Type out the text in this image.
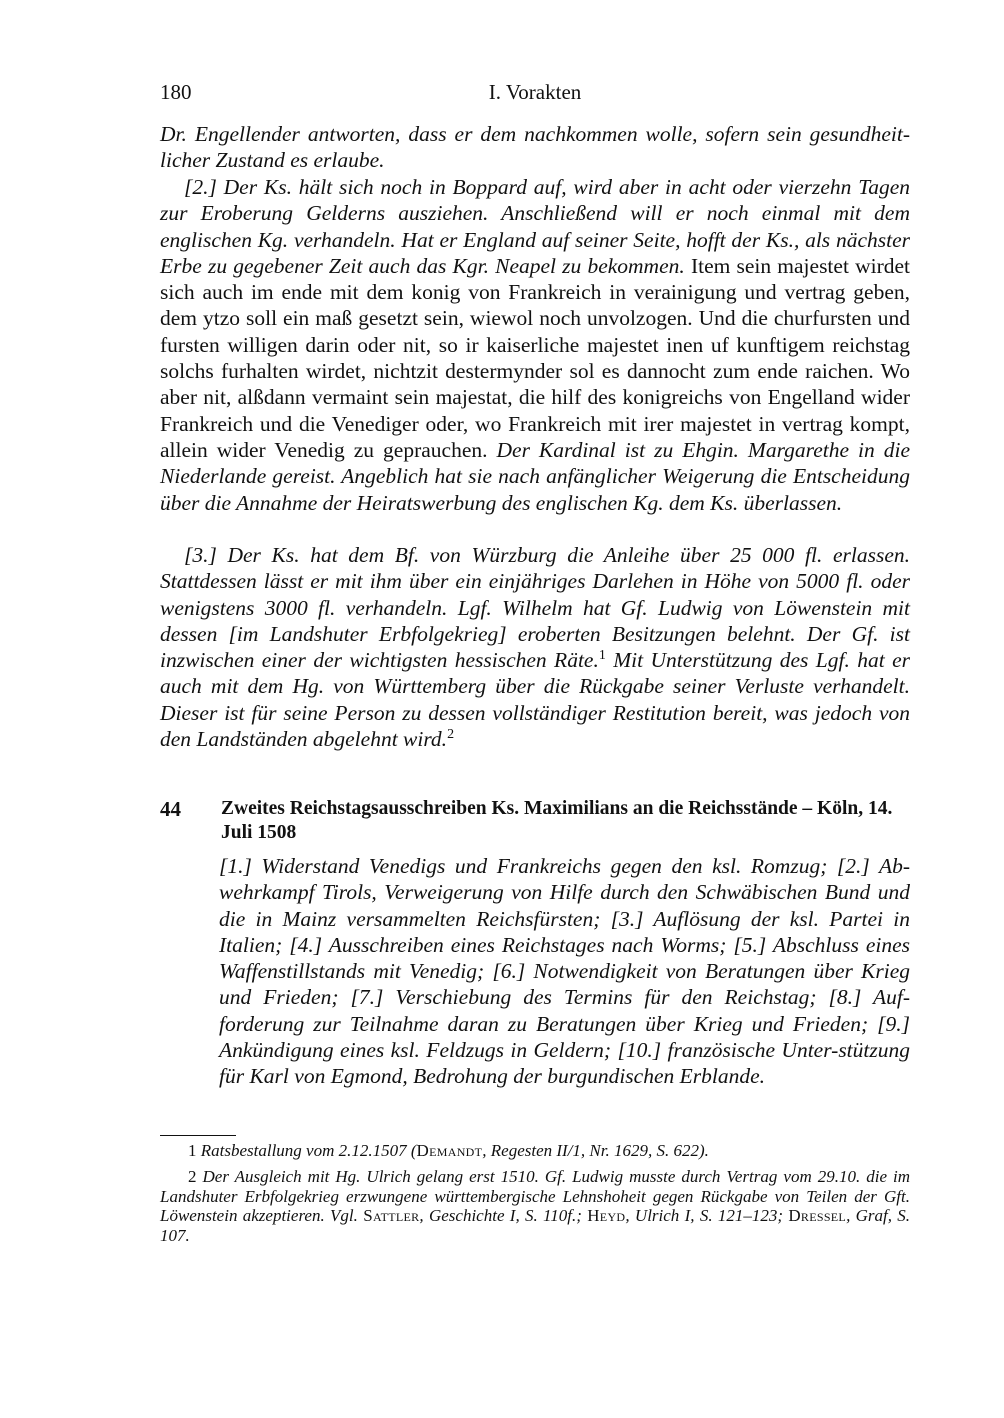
180	I. Vorakten
Dr. Engellender antworten, dass er dem nachkommen wolle, sofern sein gesundheit-licher Zustand es erlaube.
[2.] Der Ks. hält sich noch in Boppard auf, wird aber in acht oder vierzehn Tagen zur Eroberung Gelderns ausziehen. Anschließend will er noch einmal mit dem englischen Kg. verhandeln. Hat er England auf seiner Seite, hofft der Ks., als nächster Erbe zu gegebener Zeit auch das Kgr. Neapel zu bekommen. Item sein majestet wirdet sich auch im ende mit dem konig von Frankreich in verainigung und vertrag geben, dem ytzo soll ein maß gesetzt sein, wiewol noch unvolzogen. Und die churfursten und fursten willigen darin oder nit, so ir kaiserliche majestet inen uf kunftigem reichstag solchs furhalten wirdet, nichtzit destermynder sol es dannocht zum ende raichen. Wo aber nit, alßdann vermaint sein majestat, die hilf des konigreichs von Engelland wider Frankreich und die Venediger oder, wo Frankreich mit irer majestet in vertrag kompt, allein wider Venedig zu geprauchen. Der Kardinal ist zu Ehgin. Margarethe in die Niederlande gereist. Angeblich hat sie nach anfänglicher Weigerung die Entscheidung über die Annahme der Heiratswerbung des englischen Kg. dem Ks. überlassen.
[3.] Der Ks. hat dem Bf. von Würzburg die Anleihe über 25 000 fl. erlassen. Stattdessen lässt er mit ihm über ein einjähriges Darlehen in Höhe von 5000 fl. oder wenigstens 3000 fl. verhandeln. Lgf. Wilhelm hat Gf. Ludwig von Löwenstein mit dessen [im Landshuter Erbfolgekrieg] eroberten Besitzungen belehnt. Der Gf. ist inzwischen einer der wichtigsten hessischen Räte.$^1$ Mit Unterstützung des Lgf. hat er auch mit dem Hg. von Württemberg über die Rückgabe seiner Verluste verhandelt. Dieser ist für seine Person zu dessen vollständiger Restitution bereit, was jedoch von den Landständen abgelehnt wird.$^2$
44 Zweites Reichstagsausschreiben Ks. Maximilians an die Reichsstände – Köln, 14. Juli 1508
[1.] Widerstand Venedigs und Frankreichs gegen den ksl. Romzug; [2.] Ab-wehrkampf Tirols, Verweigerung von Hilfe durch den Schwäbischen Bund und die in Mainz versammelten Reichsfürsten; [3.] Auflösung der ksl. Partei in Italien; [4.] Ausschreiben eines Reichstages nach Worms; [5.] Abschluss eines Waffenstillstands mit Venedig; [6.] Notwendigkeit von Beratungen über Krieg und Frieden; [7.] Verschiebung des Termins für den Reichstag; [8.] Auf-forderung zur Teilnahme daran zu Beratungen über Krieg und Frieden; [9.] Ankündigung eines ksl. Feldzugs in Geldern; [10.] französische Unter-stützung für Karl von Egmond, Bedrohung der burgundischen Erblande.
1 Ratsbestallung vom 2.12.1507 (Demandt, Regesten II/1, Nr. 1629, S. 622).
2 Der Ausgleich mit Hg. Ulrich gelang erst 1510. Gf. Ludwig musste durch Vertrag vom 29.10. die im Landshuter Erbfolgekrieg erzwungene württembergische Lehnshoheit gegen Rückgabe von Teilen der Gft. Löwenstein akzeptieren. Vgl. Sattler, Geschichte I, S. 110f.; Heyd, Ulrich I, S. 121–123; Dressel, Graf, S. 107.
